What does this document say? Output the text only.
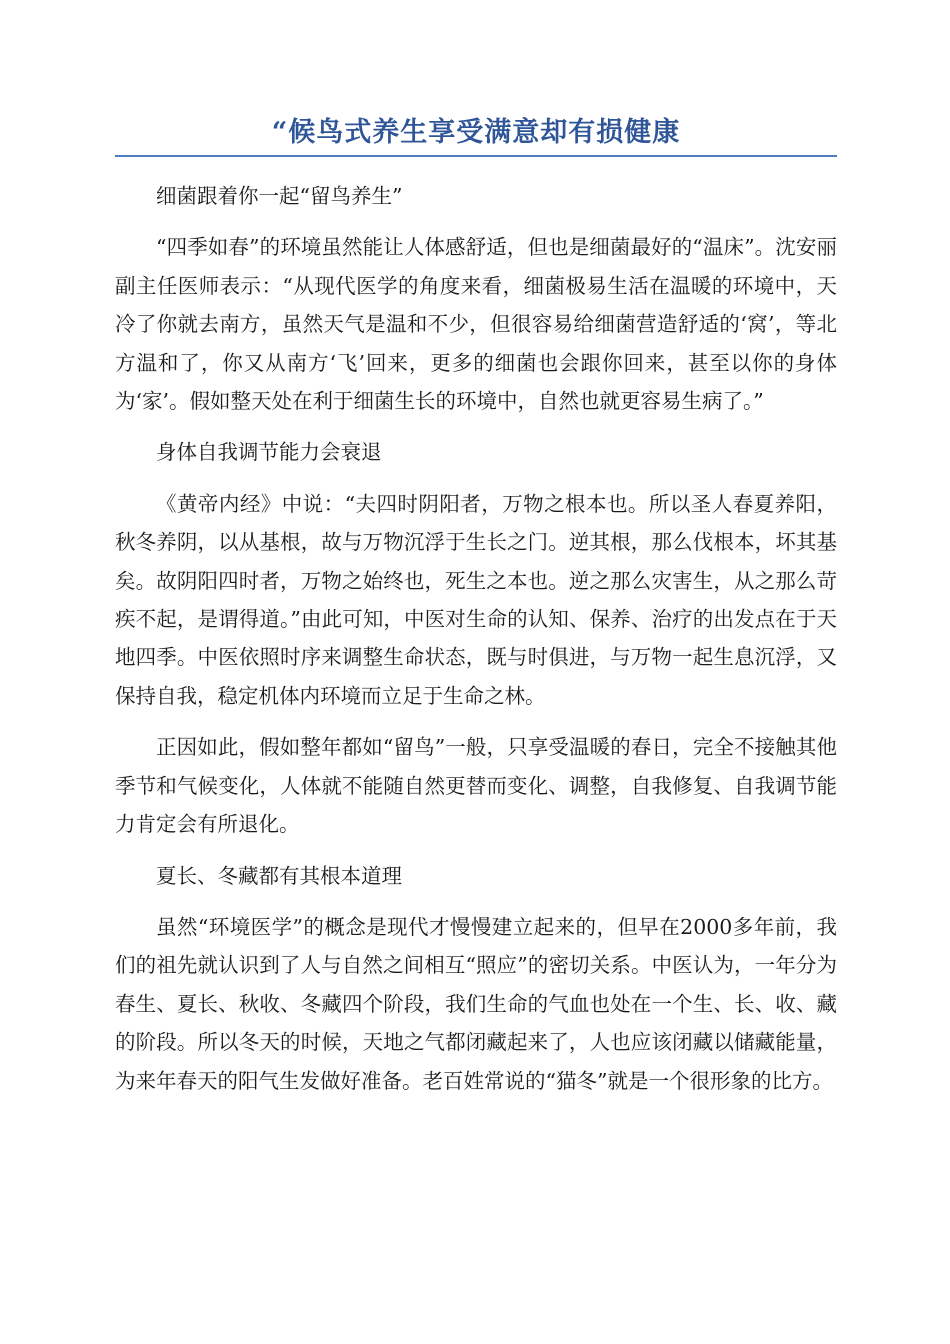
“候鸟式养生享受满意却有损健康

细菌跟着你一起“留鸟养生”

“四季如春”的环境虽然能让人体感舒适，但也是细菌最好的“温床”。沈安丽副主任医师表示：“从现代医学的角度来看，细菌极易生活在温暖的环境中，天冷了你就去南方，虽然天气是温和不少，但很容易给细菌营造舒适的‘窝’，等北方温和了，你又从南方‘飞’回来，更多的细菌也会跟你回来，甚至以你的身体为‘家’。假如整天处在利于细菌生长的环境中，自然也就更容易生病了。”

身体自我调节能力会衰退

《黄帝内经》中说：“夫四时阴阳者，万物之根本也。所以圣人春夏养阳，秋冬养阴，以从基根，故与万物沉浮于生长之门。逆其根，那么伐根本，坏其基矣。故阴阳四时者，万物之始终也，死生之本也。逆之那么灾害生，从之那么苛疾不起，是谓得道。”由此可知，中医对生命的认知、保养、治疗的出发点在于天地四季。中医依照时序来调整生命状态，既与时俱进，与万物一起生息沉浮，又保持自我，稳定机体内环境而立足于生命之林。

正因如此，假如整年都如“留鸟”一般，只享受温暖的春日，完全不接触其他季节和气候变化，人体就不能随自然更替而变化、调整，自我修复、自我调节能力肯定会有所退化。

夏长、冬藏都有其根本道理

虽然“环境医学”的概念是现代才慢慢建立起来的，但早在2000多年前，我们的祖先就认识到了人与自然之间相互“照应”的密切关系。中医认为，一年分为春生、夏长、秋收、冬藏四个阶段，我们生命的气血也处在一个生、长、收、藏的阶段。所以冬天的时候，天地之气都闭藏起来了，人也应该闭藏以储藏能量，为来年春天的阳气生发做好准备。老百姓常说的“猫冬”就是一个很形象的比方。
